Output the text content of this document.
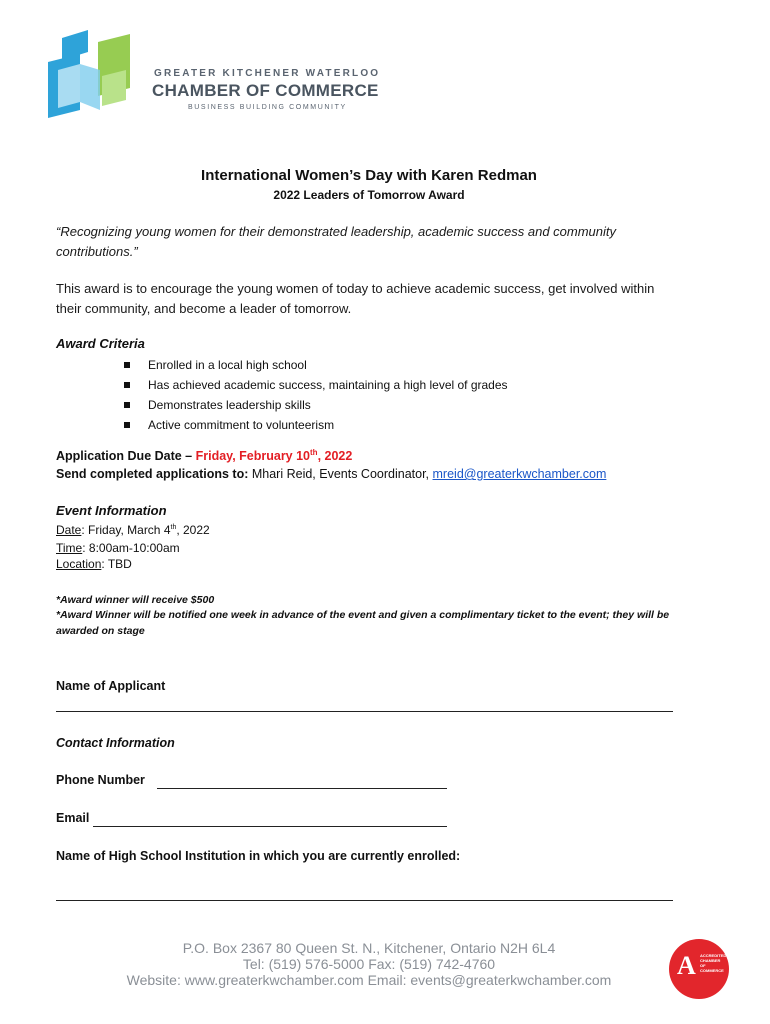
GREATER KITCHENER WATERLOO
CHAMBER OF COMMERCE
BUSINESS BUILDING COMMUNITY
International Women’s Day with Karen Redman
2022 Leaders of Tomorrow Award
“Recognizing young women for their demonstrated leadership, academic success and community contributions.”
This award is to encourage the young women of today to achieve academic success, get involved within their community, and become a leader of tomorrow.
Award Criteria
Enrolled in a local high school
Has achieved academic success, maintaining a high level of grades
Demonstrates leadership skills
Active commitment to volunteerism
Application Due Date – Friday, February 10th, 2022
Send completed applications to: Mhari Reid, Events Coordinator, mreid@greaterkwchamber.com
Event Information
Date: Friday, March 4th, 2022
Time: 8:00am-10:00am
Location: TBD
*Award winner will receive $500
*Award Winner will be notified one week in advance of the event and given a complimentary ticket to the event; they will be awarded on stage
Name of Applicant
Contact Information
Phone Number
Email
Name of High School Institution in which you are currently enrolled:
P.O. Box 2367 80 Queen St. N., Kitchener, Ontario N2H 6L4
Tel: (519) 576-5000 Fax: (519) 742-4760
Website: www.greaterkwchamber.com Email: events@greaterkwchamber.com	A ACCREDITED CHAMBER OF COMMERCE
